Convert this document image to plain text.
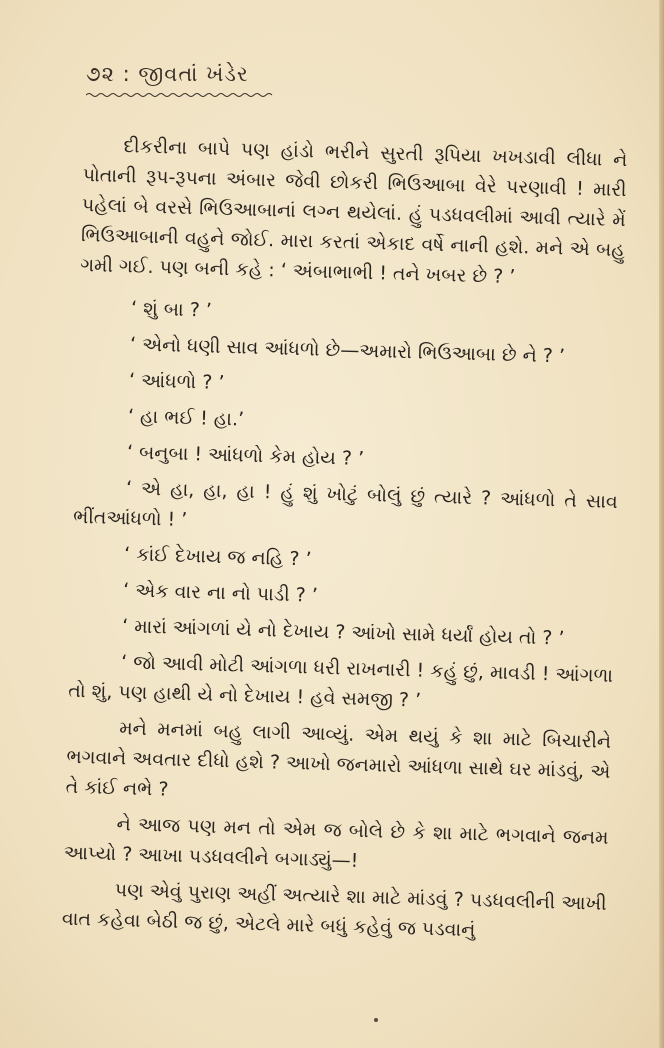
૭૨ : જીવતાં ખંડેર

દીકરીના બાપે પણ હાંડો ભરીને સુરતી રૂપિયા ખખડાવી લીધા ને પોતાની રૂપ-રૂપના અંબાર જેવી છોકરી ભિઉઆબા વેરે પરણાવી ! મારી પહેલાં બે વરસે ભિઉઆબાનાં લગ્ન થયેલાં. હું પડધવલીમાં આવી ત્યારે મેં ભિઉઆબાની વહુને જોઈ. મારા કરતાં એકાદ વર્ષે નાની હશે. મને એ બહુ ગમી ગઈ. પણ બની કહે : ‘ અંબાભાભી ! તને ખબર છે ? ’

‘ શું બા ? ’

‘ એનો ધણી સાવ આંધળો છે—અમારો ભિઉઆબા છે ને ? ’

‘ આંધળો ? ’

‘ હા ભઈ ! હા.’

‘ બનુબા ! આંધળો કેમ હોય ? ’

‘ એ હા, હા, હા ! હું શું ખોટું બોલું છું ત્યારે ? આંધળો તે સાવ ભીંતઆંધળો ! ’

‘ કાંઈ દેખાય જ નહિ ? ’

‘ એક વાર ના નો પાડી ? ’

‘ મારાં આંગળાં યે નો દેખાય ? આંખો સામે ધર્યાં હોય તો ? ’

‘ જો આવી મોટી આંગળા ધરી રાખનારી ! કહું છું, માવડી ! આંગળા તો શું, પણ હાથી યે નો દેખાય ! હવે સમજી ? ’

મને મનમાં બહુ લાગી આવ્યું. એમ થયું કે શા માટે બિચારીને ભગવાને અવતાર દીધો હશે ? આખો જનમારો આંધળા સાથે ઘર માંડવું, એ તે કાંઈ નભે ?

ને આજ પણ મન તો એમ જ બોલે છે કે શા માટે ભગવાને જનમ આપ્યો ? આખા પડધવલીને બગાડ્યું—!

પણ એવું પુરાણ અહીં અત્યારે શા માટે માંડવું ? પડધવલીની આખી વાત કહેવા બેઠી જ છું, એટલે મારે બધું કહેવું જ પડવાનું
